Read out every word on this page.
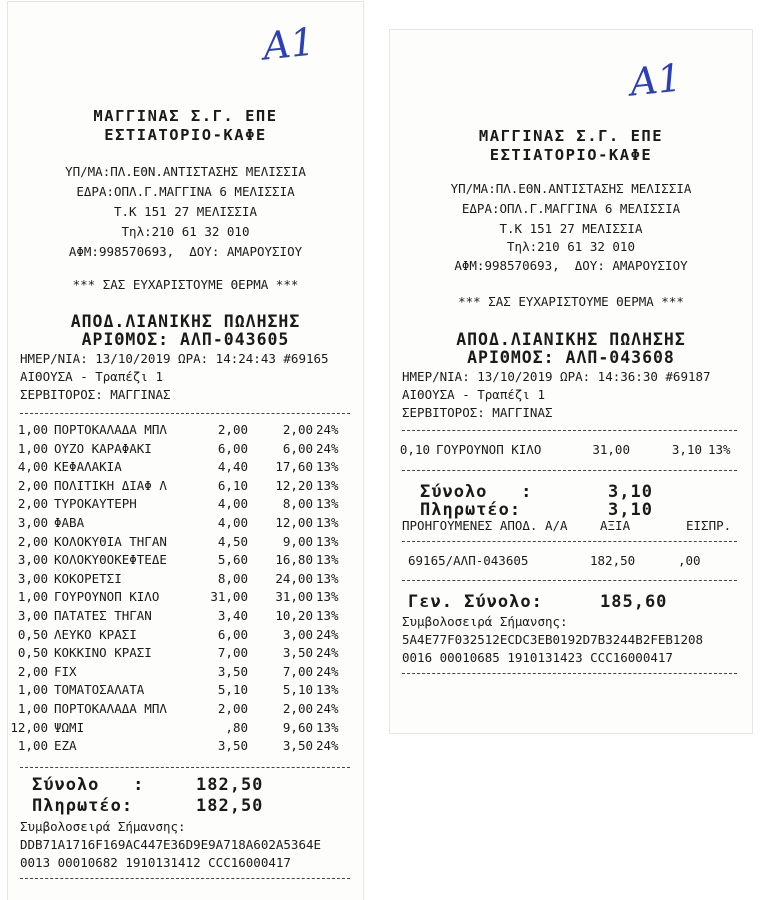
A1
ΜΑΓΓΙΝΑΣ Σ.Γ. ΕΠΕ
ΕΣΤΙΑΤΟΡΙΟ-ΚΑΦΕ
ΥΠ/ΜΑ:ΠΛ.ΕΘΝ.ΑΝΤΙΣΤΑΣΗΣ ΜΕΛΙΣΣΙΑ
ΕΔΡΑ:ΟΠΛ.Γ.ΜΑΓΓΙΝΑ 6 ΜΕΛΙΣΣΙΑ
Τ.Κ 151 27 ΜΕΛΙΣΣΙΑ
Τηλ:210 61 32 010
ΑΦΜ:998570693,  ΔΟΥ: ΑΜΑΡΟΥΣΙΟΥ
*** ΣΑΣ ΕΥΧΑΡΙΣΤΟΥΜΕ ΘΕΡΜΑ ***
ΑΠΟΔ.ΛΙΑΝΙΚΗΣ ΠΩΛΗΣΗΣ
ΑΡΙΘΜΟΣ: ΑΛΠ-043605
ΗΜΕΡ/ΝΙΑ: 13/10/2019 ΩΡΑ: 14:24:43 #69165
ΑΙΘΟΥΣΑ - Τραπέζι 1
ΣΕΡΒΙΤΟΡΟΣ: ΜΑΓΓΙΝΑΣ
1,00 ΠΟΡΤΟΚΑΛΑΔΑ ΜΠΛ	2,00	2,00 24%
1,00 ΟΥΖΟ ΚΑΡΑΦΑΚΙ	6,00	6,00 24%
4,00 ΚΕΦΑΛΑΚΙΑ	4,40	17,60 13%
2,00 ΠΟΛΙΤΙΚΗ ΔΙΑΦ Λ	6,10	12,20 13%
2,00 ΤΥΡΟΚΑΥΤΕΡΗ	4,00	8,00 13%
3,00 ΦΑΒΑ	4,00	12,00 13%
2,00 ΚΟΛΟΚΥΘΙΑ ΤΗΓΑΝ	4,50	9,00 13%
3,00 ΚΟΛΟΚΥΘΟΚΕΦΤΕΔΕ	5,60	16,80 13%
3,00 ΚΟΚΟΡΕΤΣΙ	8,00	24,00 13%
1,00 ΓΟΥΡΟΥΝΟΠ ΚΙΛΟ	31,00	31,00 13%
3,00 ΠΑΤΑΤΕΣ ΤΗΓΑΝ	3,40	10,20 13%
0,50 ΛΕΥΚΟ ΚΡΑΣΙ	6,00	3,00 24%
0,50 ΚΟΚΚΙΝΟ ΚΡΑΣΙ	7,00	3,50 24%
2,00 FIX	3,50	7,00 24%
1,00 ΤΟΜΑΤΟΣΑΛΑΤΑ	5,10	5,10 13%
1,00 ΠΟΡΤΟΚΑΛΑΔΑ ΜΠΛ	2,00	2,00 24%
12,00 ΨΩΜΙ	,80	9,60 13%
1,00 ΕΖΑ	3,50	3,50 24%
Σύνολο   :	182,50
Πληρωτέο:	182,50
Συμβολοσειρά Σήμανσης:
DDB71A1716F169AC447E36D9E9A718A602A5364E
0013 00010682 1910131412 CCC16000417
A1
ΜΑΓΓΙΝΑΣ Σ.Γ. ΕΠΕ
ΕΣΤΙΑΤΟΡΙΟ-ΚΑΦΕ
ΥΠ/ΜΑ:ΠΛ.ΕΘΝ.ΑΝΤΙΣΤΑΣΗΣ ΜΕΛΙΣΣΙΑ
ΕΔΡΑ:ΟΠΛ.Γ.ΜΑΓΓΙΝΑ 6 ΜΕΛΙΣΣΙΑ
Τ.Κ 151 27 ΜΕΛΙΣΣΙΑ
Τηλ:210 61 32 010
ΑΦΜ:998570693,  ΔΟΥ: ΑΜΑΡΟΥΣΙΟΥ
*** ΣΑΣ ΕΥΧΑΡΙΣΤΟΥΜΕ ΘΕΡΜΑ ***
ΑΠΟΔ.ΛΙΑΝΙΚΗΣ ΠΩΛΗΣΗΣ
ΑΡΙΘΜΟΣ: ΑΛΠ-043608
ΗΜΕΡ/ΝΙΑ: 13/10/2019 ΩΡΑ: 14:36:30 #69187
ΑΙΘΟΥΣΑ - Τραπέζι 1
ΣΕΡΒΙΤΟΡΟΣ: ΜΑΓΓΙΝΑΣ
0,10 ΓΟΥΡΟΥΝΟΠ ΚΙΛΟ	31,00	3,10 13%
Σύνολο   :	3,10
Πληρωτέο:	3,10
ΠΡΟΗΓΟΥΜΕΝΕΣ ΑΠΟΔ. Α/Α	ΑΞΙΑ	ΕΙΣΠΡ.
69165/ΑΛΠ-043605	182,50	,00
Γεν. Σύνολο:	185,60
Συμβολοσειρά Σήμανσης:
5A4E77F032512ECDC3EB0192D7B3244B2FEB1208
0016 00010685 1910131423 CCC16000417
